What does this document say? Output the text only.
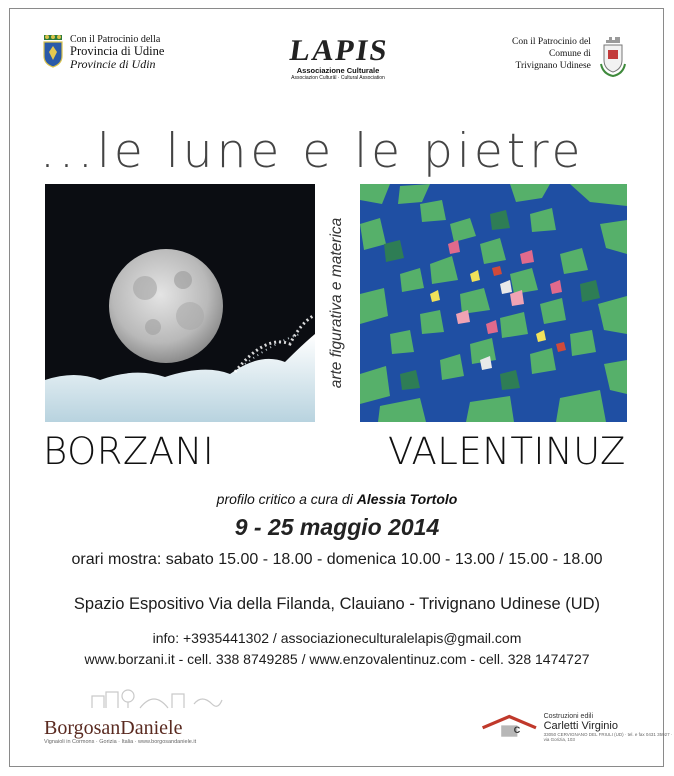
Con il Patrocinio della
Provincia di Udine
Provincie di Udin	LAPIS
Associazione Culturale
Associazion Culturâl · Cultural Association
Con il Patrocinio del
Comune di
Trivignano Udinese
...le lune e le pietre
arte figurativa e materica
BORZANI	VALENTINUZ
profilo critico a cura di Alessia Tortolo
9 - 25 maggio 2014
orari mostra: sabato 15.00 - 18.00 - domenica 10.00 - 13.00 / 15.00 - 18.00
Spazio Espositivo Via della Filanda, Clauiano - Trivignano Udinese (UD)
info: +3935441302 / associazioneculturalelapis@gmail.com
www.borzani.it - cell. 338 8749285 / www.enzovalentinuz.com - cell. 328 1474727
BorgosanDaniele
Vignaioli in Cormons · Gorizia · Italia · www.borgosandaniele.it
Costruzioni edili
Carletti Virginio
33050 CERVIGNANO DEL FRIULI (UD) · tel. e fax 0431 35927 · via Gorizia, 103
C
